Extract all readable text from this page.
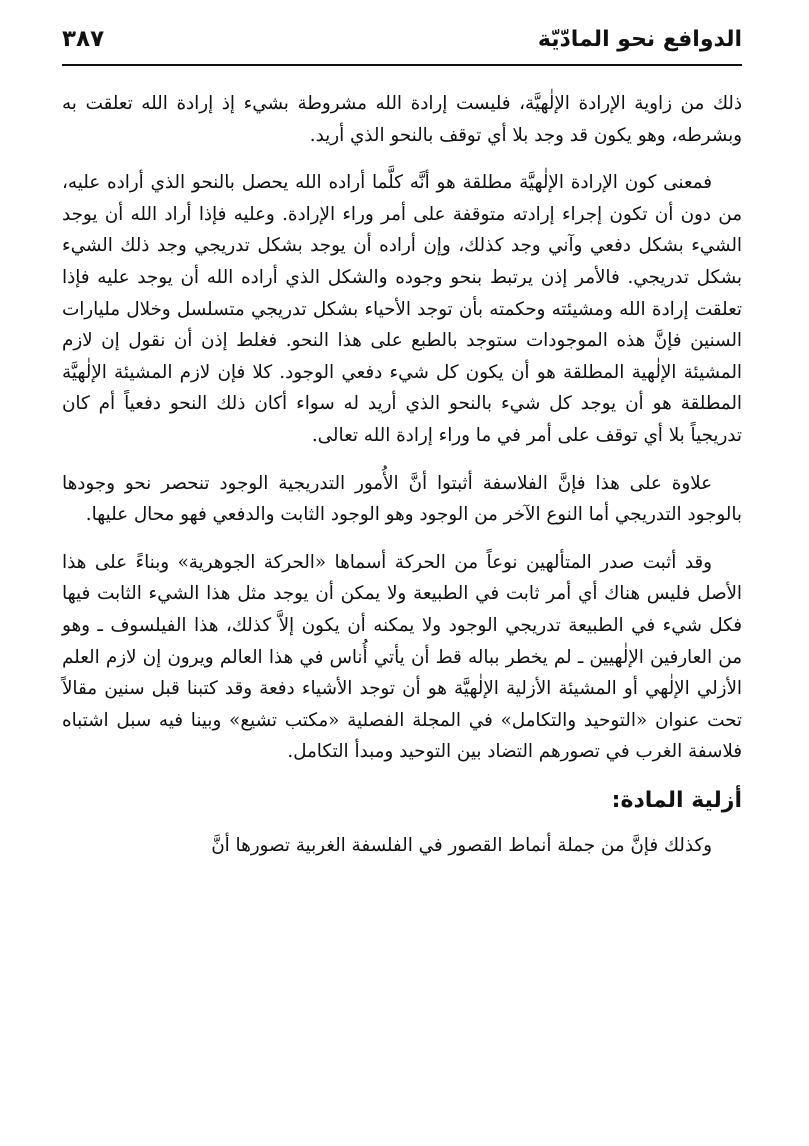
الدوافع نحو المادّيّة
٣٨٧

ذلك من زاوية الإرادة الإلٰهيَّة، فليست إرادة الله مشروطة بشيء إذ إرادة الله تعلقت به وبشرطه، وهو يكون قد وجد بلا أي توقف بالنحو الذي أريد.

فمعنى كون الإرادة الإلٰهيَّة مطلقة هو أنَّه كلَّما أراده الله يحصل بالنحو الذي أراده عليه، من دون أن تكون إجراء إرادته متوقفة على أمر وراء الإرادة. وعليه فإذا أراد الله أن يوجد الشيء بشكل دفعي وآني وجد كذلك، وإن أراده أن يوجد بشكل تدريجي وجد ذلك الشيء بشكل تدريجي. فالأمر إذن يرتبط بنحو وجوده والشكل الذي أراده الله أن يوجد عليه فإذا تعلقت إرادة الله ومشيئته وحكمته بأن توجد الأحياء بشكل تدريجي متسلسل وخلال مليارات السنين فإنَّ هذه الموجودات ستوجد بالطبع على هذا النحو. فغلط إذن أن نقول إن لازم المشيئة الإلٰهية المطلقة هو أن يكون كل شيء دفعي الوجود. كلا فإن لازم المشيئة الإلٰهيَّة المطلقة هو أن يوجد كل شيء بالنحو الذي أريد له سواء أكان ذلك النحو دفعياً أم كان تدريجياً بلا أي توقف على أمر في ما وراء إرادة الله تعالى.

علاوة على هذا فإنَّ الفلاسفة أثبتوا أنَّ الأُمور التدريجية الوجود تنحصر نحو وجودها بالوجود التدريجي أما النوع الآخر من الوجود وهو الوجود الثابت والدفعي فهو محال عليها.

وقد أثبت صدر المتألهين نوعاً من الحركة أسماها «الحركة الجوهرية» وبناءً على هذا الأصل فليس هناك أي أمر ثابت في الطبيعة ولا يمكن أن يوجد مثل هذا الشيء الثابت فيها فكل شيء في الطبيعة تدريجي الوجود ولا يمكنه أن يكون إلاَّ كذلك، هذا الفيلسوف ـ وهو من العارفين الإلٰهيين ـ لم يخطر بباله قط أن يأتي أُناس في هذا العالم ويرون إن لازم العلم الأزلي الإلٰهي أو المشيئة الأزلية الإلٰهيَّة هو أن توجد الأشياء دفعة وقد كتبنا قبل سنين مقالاً تحت عنوان «التوحيد والتكامل» في المجلة الفصلية «مكتب تشيع» وبينا فيه سبل اشتباه فلاسفة الغرب في تصورهم التضاد بين التوحيد ومبدأ التكامل.

أزلية المادة:

وكذلك فإنَّ من جملة أنماط القصور في الفلسفة الغربية تصورها أنَّ
